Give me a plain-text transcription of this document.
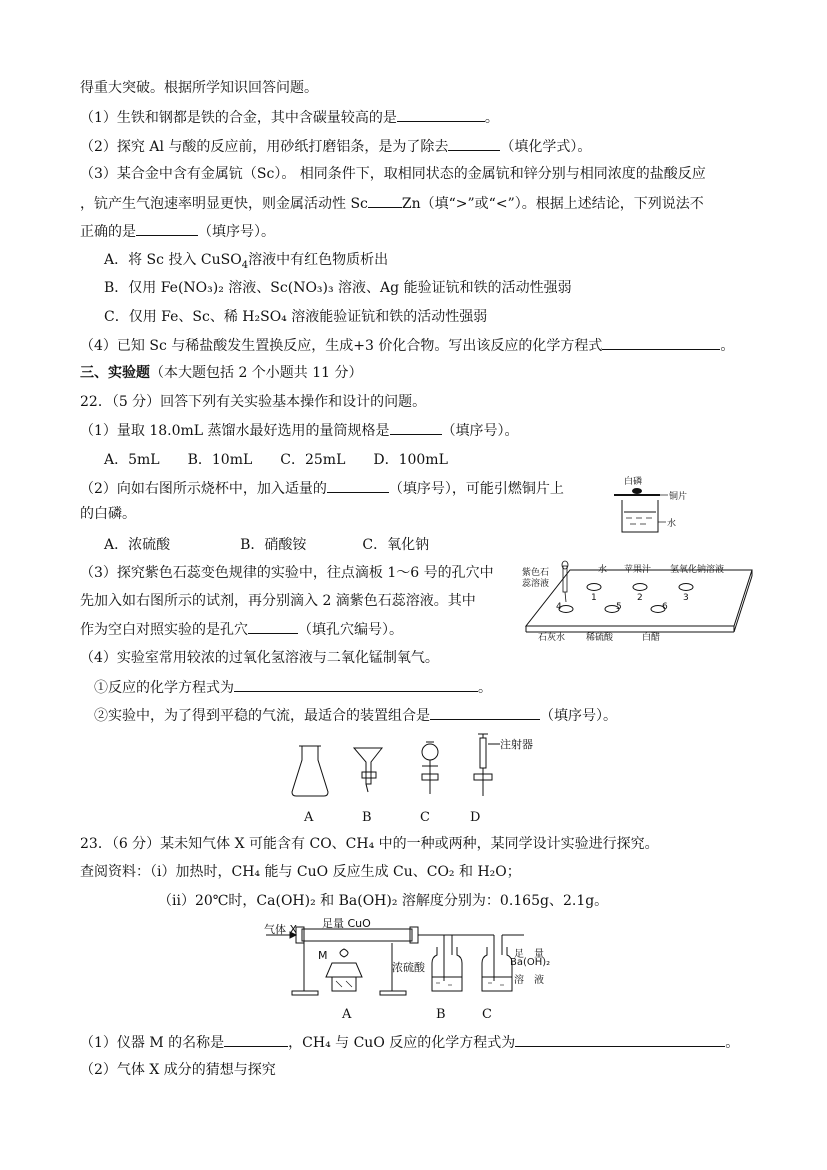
得重大突破。根据所学知识回答问题。
（1）生铁和钢都是铁的合金，其中含碳量较高的是	。
（2）探究 Al 与酸的反应前，用砂纸打磨铝条，是为了除去	（填化学式）。
（3）某合金中含有金属钪（Sc）。 相同条件下，取相同状态的金属钪和锌分别与相同浓度的盐酸反应
，钪产生气泡速率明显更快，则金属活动性 Sc Zn（填“>”或“<”）。根据上述结论，下列说法不
正确的是	（填序号）。
A．将 Sc 投入 CuSO$_4$溶液中有红色物质析出
B．仅用 Fe(NO₃)₂ 溶液、Sc(NO₃)₃ 溶液、Ag 能验证钪和铁的活动性强弱
C．仅用 Fe、Sc、稀 H₂SO₄ 溶液能验证钪和铁的活动性强弱
（4）已知 Sc 与稀盐酸发生置换反应，生成+3 价化合物。写出该反应的化学方程式	。
三、实验题（本大题包括 2 个小题共 11 分）
22．（5 分）回答下列有关实验基本操作和设计的问题。
（1）量取 18.0mL 蒸馏水最好选用的量筒规格是	（填序号）。
A．5mL　　B．10mL　　C．25mL　　D．100mL
（2）向如右图所示烧杯中，加入适量的	（填序号），可能引燃铜片上
的白磷。
A．浓硫酸　　　　　B．硝酸铵　　　　C．氧化钠
（3）探究紫色石蕊变色规律的实验中，往点滴板 1～6 号的孔穴中
先加入如右图所示的试剂，再分别滴入 2 滴紫色石蕊溶液。其中
作为空白对照实验的是孔穴	（填孔穴编号）。
（4）实验室常用较浓的过氧化氢溶液与二氧化锰制氧气。
①反应的化学方程式为	。
②实验中，为了得到平稳的气流，最适合的装置组合是	（填序号）。
23．（6 分）某未知气体 X 可能含有 CO、CH₄ 中的一种或两种，某同学设计实验进行探究。
查阅资料：（ⅰ）加热时，CH₄ 能与 CuO 反应生成 Cu、CO₂ 和 H₂O；
（ⅱ）20℃时，Ca(OH)₂ 和 Ba(OH)₂ 溶解度分别为：0.165g、2.1g。
（1）仪器 M 的名称是	，CH₄ 与 CuO 反应的化学方程式为	。
（2）气体 X 成分的猜想与探究
白磷
铜片
水
紫色石蕊溶液
水 苹果汁 氢氧化钠溶液
1	2	3
4	5	6
石灰水 稀硫酸	白醋
注射器
A	B	C	D
气体 X 足量 CuO
M
浓硫酸
足　量
Ba(OH)₂
溶　液
A	B	C
